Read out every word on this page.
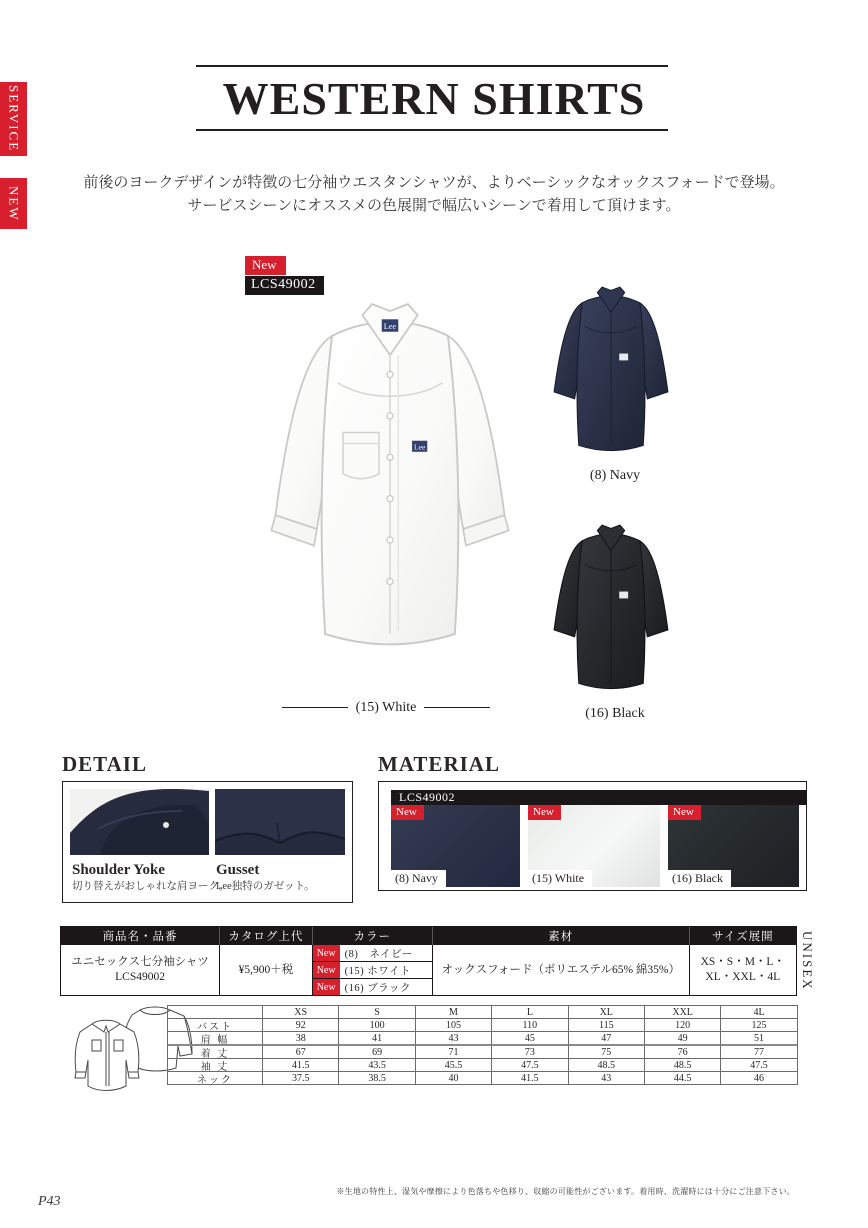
SERVICE
NEW
WESTERN SHIRTS
前後のヨークデザインが特徴の七分袖ウエスタンシャツが、よりベーシックなオックスフォードで登場。
サービスシーンにオススメの色展開で幅広いシーンで着用して頂けます。
New
LCS49002
Lee
Lee
(8) Navy
(16) Black
(15) White
DETAIL
Shoulder Yoke
切り替えがおしゃれな肩ヨーク。
Gusset
Lee独特のガゼット。
MATERIAL
LCS49002
New
(8) Navy
New
(15) White
New
(16) Black
商品名・品番	カタログ上代	カラー	素材	サイズ展開
ユニセックス七分袖シャツ
LCS49002
¥5,900＋税
New (8)　ネイビー
New (15) ホワイト
New (16) ブラック
オックスフォード（ポリエステル65% 綿35%）
XS・S・M・L・
XL・XXL・4L UNISEX
XS	S	M	L	XL	XXL	4L
バスト	92	100	105	110	115	120	125
肩 幅	38	41	43	45	47	49	51
着 丈	67	69	71	73	75	76	77
袖 丈	41.5	43.5	45.5	47.5	48.5	48.5	47.5
ネック	37.5	38.5	40	41.5	43	44.5	46
※生地の特性上、湿気や摩擦により色落ちや色移り、収縮の可能性がございます。着用時、洗濯時には十分にご注意下さい。
P43
